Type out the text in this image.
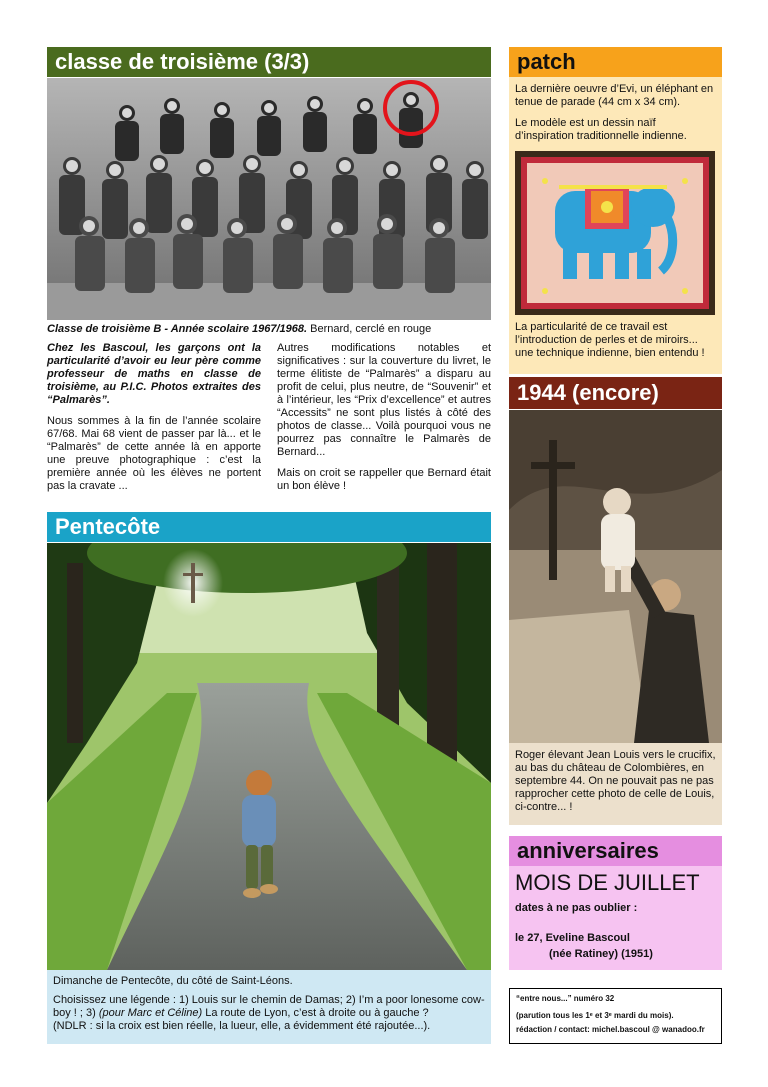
classe de troisième (3/3)
Classe de troisième B - Année scolaire 1967/1968. Bernard, cerclé en rouge

Chez les Bascoul, les garçons ont la particularité d’avoir eu leur père comme professeur de maths en classe de troisième, au P.I.C. Photos extraites des “Palmarès”.

Nous sommes à la fin de l’année scolaire 67/68. Mai 68 vient de passer par là... et le “Palmarès” de cette année là en apporte une preuve photographique : c’est la première année où les élèves ne portent pas la cravate ...

Autres modifications notables et significatives : sur la couverture du livret, le terme élitiste de “Palmarès” a disparu au profit de celui, plus neutre, de “Souvenir” et à l’intérieur, les “Prix d’excellence” et autres “Accessits” ne sont plus listés à côté des photos de classe... Voilà pourquoi vous ne pourrez pas connaître le Palmarès de Bernard...

Mais on croit se rappeller que Bernard était un bon élève !

Pentecôte

Dimanche de Pentecôte, du côté de Saint-Léons.

Choisissez une légende : 1) Louis sur le chemin de Damas; 2) I’m a poor lonesome cow-boy ! ; 3) (pour Marc et Céline) La route de Lyon, c’est à droite ou à gauche ?

(NDLR : si la croix est bien réelle, la lueur, elle, a évidemment été rajoutée...).

patch
La dernière oeuvre d’Evi, un éléphant en tenue de parade (44 cm x 34 cm).
Le modèle est un dessin naïf d’inspiration traditionnelle indienne.
La particularité de ce travail est l’introduction de perles et de miroirs... une technique indienne, bien entendu !
1944 (encore)
Roger élevant Jean Louis vers le crucifix, au bas du château de Colombières, en septembre 44. On ne pouvait pas ne pas rapprocher cette photo de celle de Louis, ci-contre... !
anniversaires
MOIS DE JUILLET
dates à ne pas oublier :
le 27, Eveline Bascoul
(née Ratiney) (1951)
“entre nous...” numéro 32
(parution tous les 1ᵉ et 3ᵉ mardi du mois).
rédaction / contact: michel.bascoul @ wanadoo.fr
